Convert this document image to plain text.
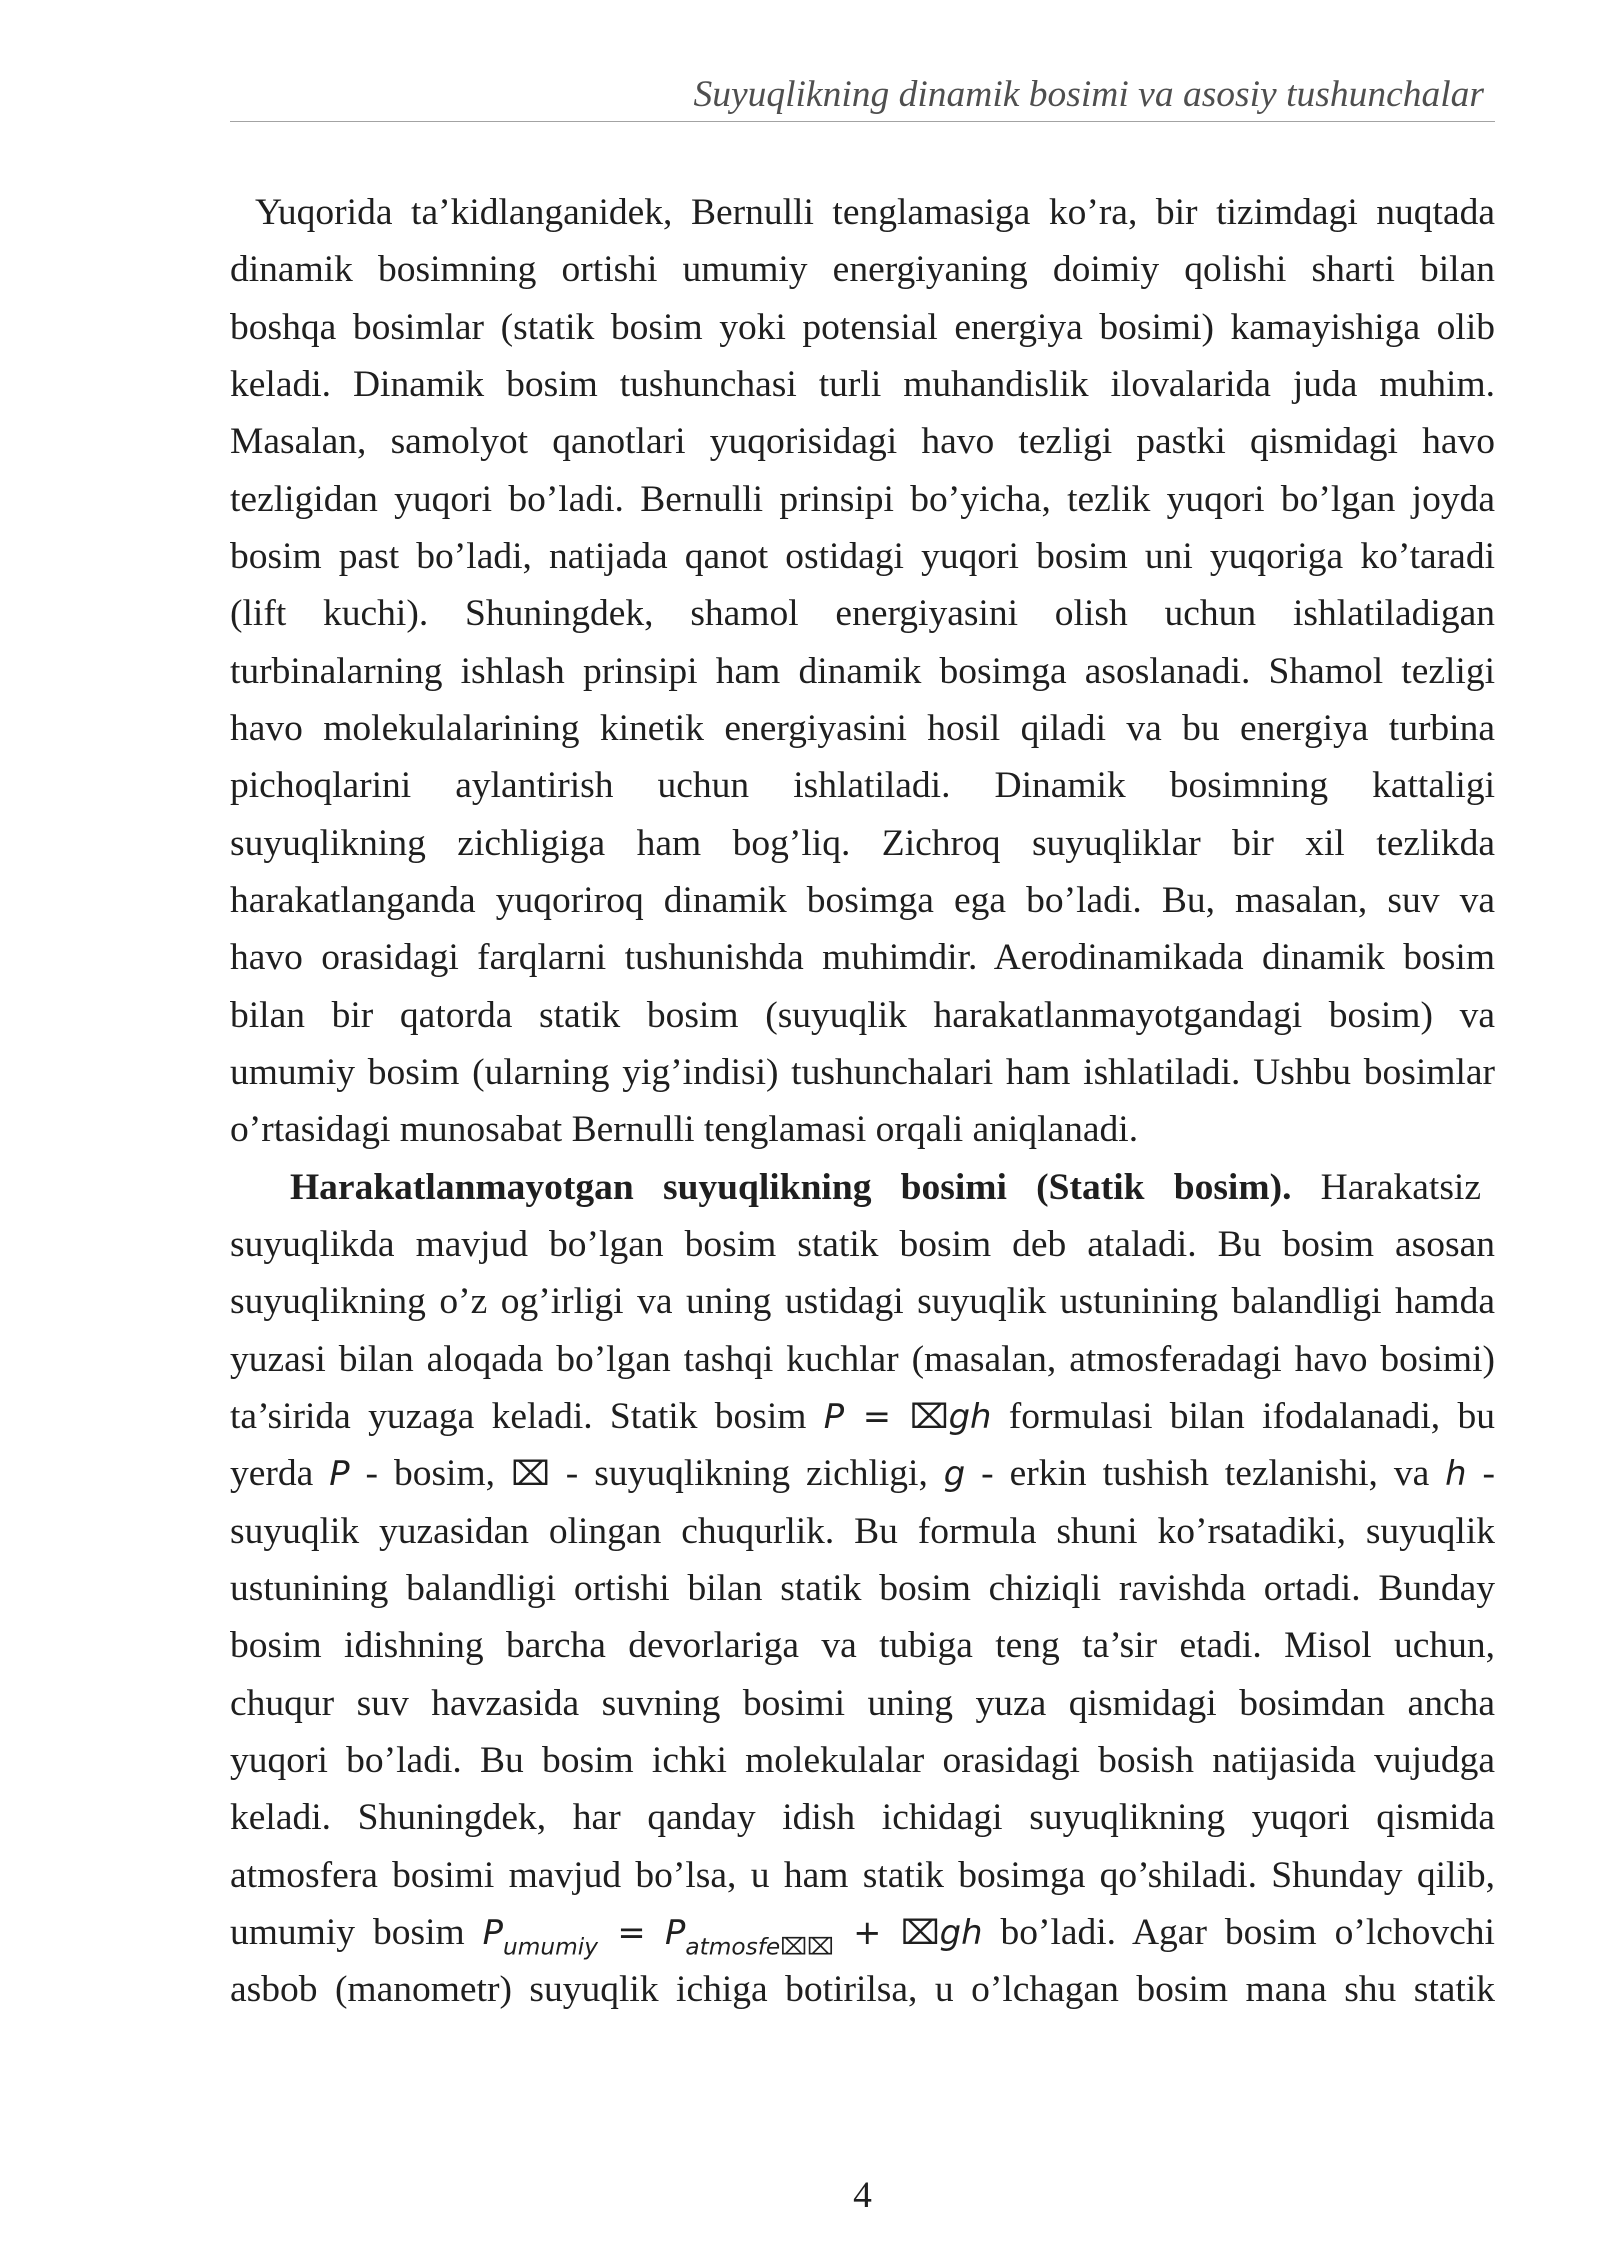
Suyuqlikning dinamik bosimi va asosiy tushunchalar
Yuqorida ta’kidlanganidek, Bernulli tenglamasiga ko’ra, bir tizimdagi nuqtada
dinamik bosimning ortishi umumiy energiyaning doimiy qolishi sharti bilan
boshqa bosimlar (statik bosim yoki potensial energiya bosimi) kamayishiga olib
keladi. Dinamik bosim tushunchasi turli muhandislik ilovalarida juda muhim.
Masalan, samolyot qanotlari yuqorisidagi havo tezligi pastki qismidagi havo
tezligidan yuqori bo’ladi. Bernulli prinsipi bo’yicha, tezlik yuqori bo’lgan joyda
bosim past bo’ladi, natijada qanot ostidagi yuqori bosim uni yuqoriga ko’taradi
(lift kuchi). Shuningdek, shamol energiyasini olish uchun ishlatiladigan
turbinalarning ishlash prinsipi ham dinamik bosimga asoslanadi. Shamol tezligi
havo molekulalarining kinetik energiyasini hosil qiladi va bu energiya turbina
pichoqlarini aylantirish uchun ishlatiladi. Dinamik bosimning kattaligi
suyuqlikning zichligiga ham bog’liq. Zichroq suyuqliklar bir xil tezlikda
harakatlanganda yuqoriroq dinamik bosimga ega bo’ladi. Bu, masalan, suv va
havo orasidagi farqlarni tushunishda muhimdir. Aerodinamikada dinamik bosim
bilan bir qatorda statik bosim (suyuqlik harakatlanmayotgandagi bosim) va
umumiy bosim (ularning yig’indisi) tushunchalari ham ishlatiladi. Ushbu bosimlar
o’rtasidagi munosabat Bernulli tenglamasi orqali aniqlanadi.
Harakatlanmayotgan suyuqlikning bosimi (Statik bosim). Harakatsiz
suyuqlikda mavjud bo’lgan bosim statik bosim deb ataladi. Bu bosim asosan
suyuqlikning o’z og’irligi va uning ustidagi suyuqlik ustunining balandligi hamda
yuzasi bilan aloqada bo’lgan tashqi kuchlar (masalan, atmosferadagi havo bosimi)
ta’sirida yuzaga keladi. Statik bosim P = ⌧gh formulasi bilan ifodalanadi, bu
yerda P - bosim, ⌧ - suyuqlikning zichligi, g - erkin tushish tezlanishi, va h -
suyuqlik yuzasidan olingan chuqurlik. Bu formula shuni ko’rsatadiki, suyuqlik
ustunining balandligi ortishi bilan statik bosim chiziqli ravishda ortadi. Bunday
bosim idishning barcha devorlariga va tubiga teng ta’sir etadi. Misol uchun,
chuqur suv havzasida suvning bosimi uning yuza qismidagi bosimdan ancha
yuqori bo’ladi. Bu bosim ichki molekulalar orasidagi bosish natijasida vujudga
keladi. Shuningdek, har qanday idish ichidagi suyuqlikning yuqori qismida
atmosfera bosimi mavjud bo’lsa, u ham statik bosimga qo’shiladi. Shunday qilib,
umumiy bosim $P_{umumiy} = P_{atmosfe⌧⌧}$ + ⌧gh bo’ladi. Agar bosim o’lchovchi
asbob (manometr) suyuqlik ichiga botirilsa, u o’lchagan bosim mana shu statik
4
